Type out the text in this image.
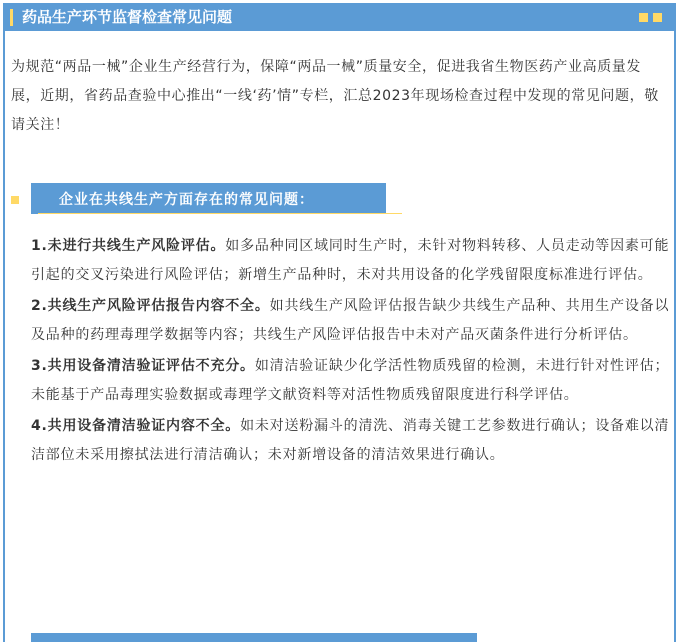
药品生产环节监督检查常见问题

为规范“两品一械”企业生产经营行为，保障“两品一械”质量安全，促进我省生物医药产业高质量发展，近期，省药品查验中心推出“一线‘药’情”专栏，汇总2023年现场检查过程中发现的常见问题，敬请关注！

企业在共线生产方面存在的常见问题：

1.未进行共线生产风险评估。如多品种同区域同时生产时，未针对物料转移、人员走动等因素可能引起的交叉污染进行风险评估；新增生产品种时，未对共用设备的化学残留限度标准进行评估。

2.共线生产风险评估报告内容不全。如共线生产风险评估报告缺少共线生产品种、共用生产设备以及品种的药理毒理学数据等内容；共线生产风险评估报告中未对产品灭菌条件进行分析评估。

3.共用设备清洁验证评估不充分。如清洁验证缺少化学活性物质残留的检测，未进行针对性评估；未能基于产品毒理实验数据或毒理学文献资料等对活性物质残留限度进行科学评估。

4.共用设备清洁验证内容不全。如未对送粉漏斗的清洗、消毒关键工艺参数进行确认；设备难以清洁部位未采用擦拭法进行清洁确认；未对新增设备的清洁效果进行确认。
